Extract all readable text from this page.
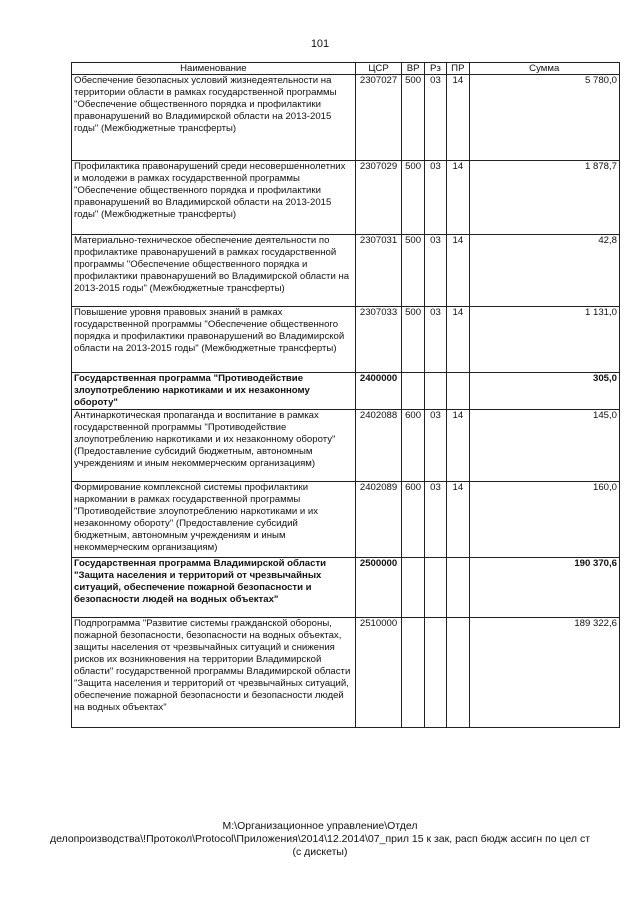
101
Наименование	ЦСР	ВР	Рз	ПР	Сумма
Обеспечение безопасных условий жизнедеятельности на территории области в рамках государственной программы "Обеспечение общественного порядка и профилактики правонарушений во Владимирской области на 2013-2015 годы" (Межбюджетные трансферты)	2307027	500	03	14	5 780,0
Профилактика правонарушений среди несовершеннолетних и молодежи в рамках государственной программы "Обеспечение общественного порядка и профилактики правонарушений во Владимирской области на 2013-2015 годы" (Межбюджетные трансферты)	2307029	500	03	14	1 878,7
Материально-техническое обеспечение деятельности по профилактике правонарушений в рамках государственной программы "Обеспечение общественного порядка и профилактики правонарушений во Владимирской области на 2013-2015 годы" (Межбюджетные трансферты)	2307031	500	03	14	42,8
Повышение уровня правовых знаний в рамках государственной программы "Обеспечение общественного порядка и профилактики правонарушений во Владимирской области на 2013-2015 годы" (Межбюджетные трансферты)	2307033	500	03	14	1 131,0
Государственная программа "Противодействие злоупотреблению наркотиками и их незаконному обороту"	2400000				305,0
Антинаркотическая пропаганда и воспитание в рамках государственной программы "Противодействие злоупотреблению наркотиками и их незаконному обороту" (Предоставление субсидий бюджетным, автономным учреждениям и иным некоммерческим организациям)	2402088	600	03	14	145,0
Формирование комплексной системы профилактики наркомании в рамках государственной программы "Противодействие злоупотреблению наркотиками и их незаконному обороту" (Предоставление субсидий бюджетным, автономным учреждениям и иным некоммерческим организациям)	2402089	600	03	14	160,0
Государственная программа Владимирской области "Защита населения и территорий от чрезвычайных ситуаций, обеспечение пожарной безопасности и безопасности людей на водных объектах"	2500000				190 370,6
Подпрограмма "Развитие системы гражданской обороны, пожарной безопасности, безопасности на водных объектах, защиты населения от чрезвычайных ситуаций и снижения рисков их возникновения на территории Владимирской области" государственной программы Владимирской области "Защита населения и территорий от чрезвычайных ситуаций, обеспечение пожарной безопасности и безопасности людей на водных объектах"	2510000				189 322,6
M:\Организационное управление\Отдел
делопроизводства\!Протокол\Protocol\Приложения\2014\12.2014\07_прил 15 к зак, расп бюдж ассигн по цел ст
(с дискеты)
